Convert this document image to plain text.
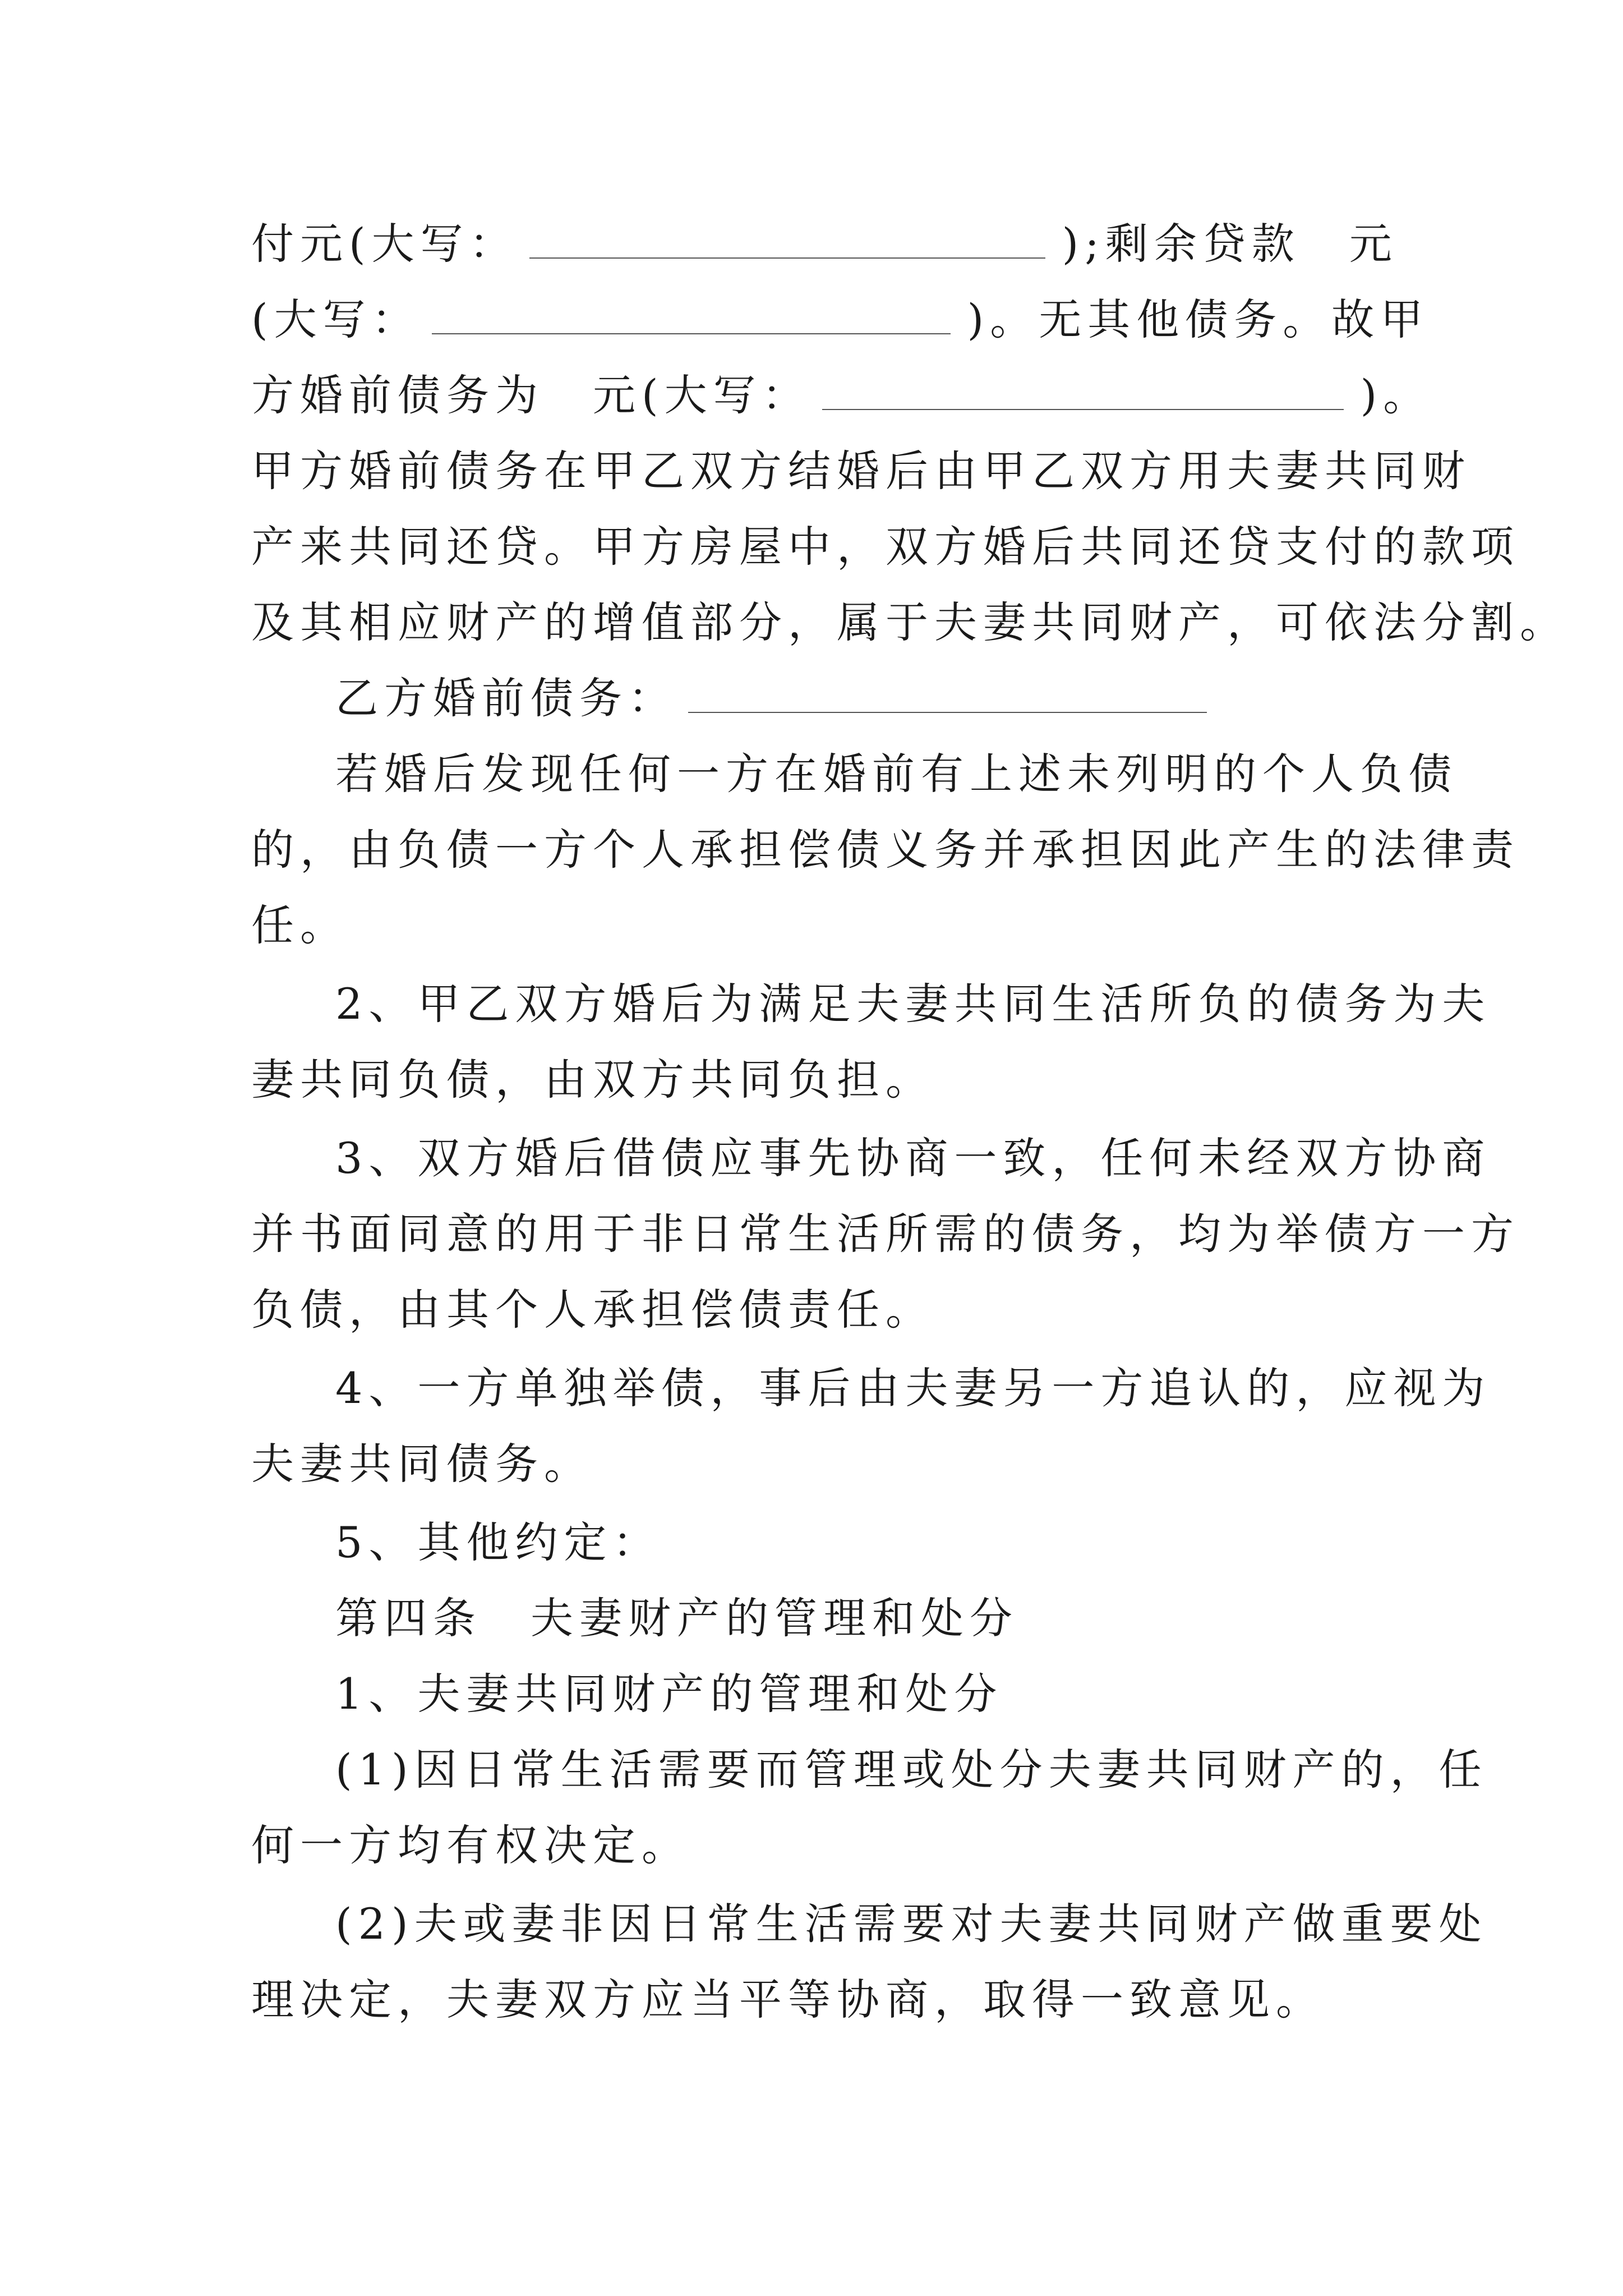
付元(大写：	);剩余贷款　元
(大写：	)。无其他债务。故甲
方婚前债务为　元(大写：	)。
甲方婚前债务在甲乙双方结婚后由甲乙双方用夫妻共同财
产来共同还贷。甲方房屋中，双方婚后共同还贷支付的款项
及其相应财产的增值部分，属于夫妻共同财产，可依法分割。
乙方婚前债务：
若婚后发现任何一方在婚前有上述未列明的个人负债
的，由负债一方个人承担偿债义务并承担因此产生的法律责
任。
2、甲乙双方婚后为满足夫妻共同生活所负的债务为夫
妻共同负债，由双方共同负担。
3、双方婚后借债应事先协商一致，任何未经双方协商
并书面同意的用于非日常生活所需的债务，均为举债方一方
负债，由其个人承担偿债责任。
4、一方单独举债，事后由夫妻另一方追认的，应视为
夫妻共同债务。
5、其他约定：
第四条　夫妻财产的管理和处分
1、夫妻共同财产的管理和处分
(1)因日常生活需要而管理或处分夫妻共同财产的，任
何一方均有权决定。
(2)夫或妻非因日常生活需要对夫妻共同财产做重要处
理决定，夫妻双方应当平等协商，取得一致意见。
